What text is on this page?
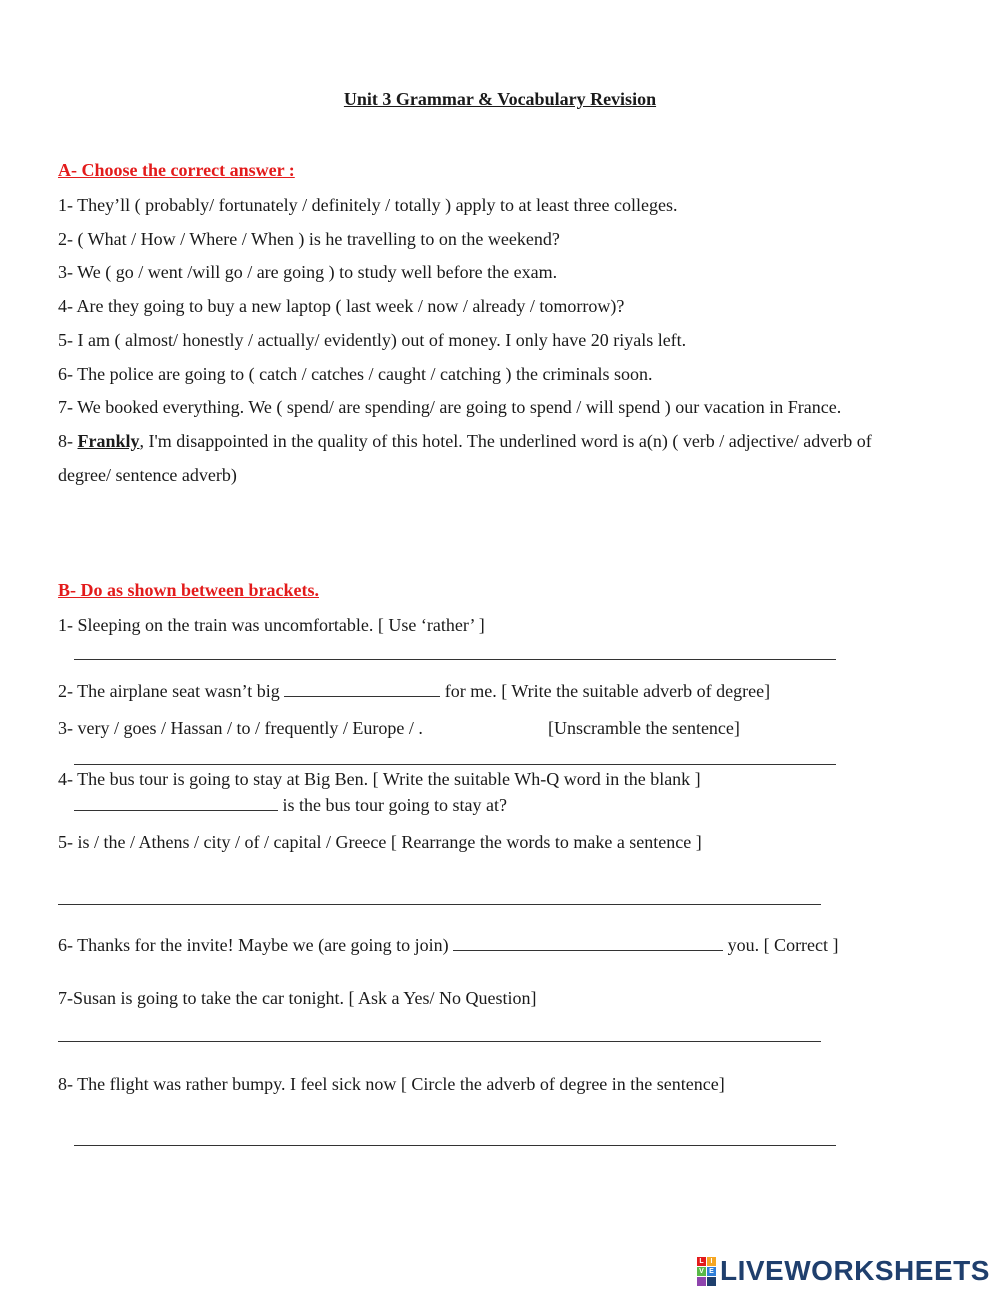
Unit 3 Grammar & Vocabulary Revision
A- Choose the correct answer :
1- They’ll ( probably/ fortunately / definitely / totally ) apply to at least three colleges.
2- ( What / How / Where / When ) is he travelling to on the weekend?
3- We ( go / went /will go / are going ) to study well before the exam.
4- Are they going to buy a new laptop ( last week / now / already / tomorrow)?
5- I am ( almost/ honestly / actually/ evidently) out of money. I only have 20 riyals left.
6- The police are going to ( catch / catches / caught / catching ) the criminals soon.
7- We booked everything. We ( spend/ are spending/ are going to spend / will spend ) our vacation in France.
8- Frankly, I'm disappointed in the quality of this hotel. The underlined word is a(n) ( verb / adjective/ adverb of
degree/ sentence adverb)
B- Do as shown between brackets.
1- Sleeping on the train was uncomfortable. [ Use ‘rather’ ]
2- The airplane seat wasn’t big	for me. [ Write the suitable adverb of degree]
3- very / goes / Hassan / to / frequently / Europe / .	[Unscramble the sentence]
4- The bus tour is going to stay at Big Ben. [ Write the suitable Wh-Q word in the blank ]
is the bus tour going to stay at?
5- is / the / Athens / city / of / capital / Greece [ Rearrange the words to make a sentence ]
6- Thanks for the invite! Maybe we (are going to join)	you. [ Correct ]
7-Susan is going to take the car tonight. [ Ask a Yes/ No Question]
8- The flight was rather bumpy. I feel sick now [ Circle the adverb of degree in the sentence]
L I
V E LIVEWORKSHEETS
